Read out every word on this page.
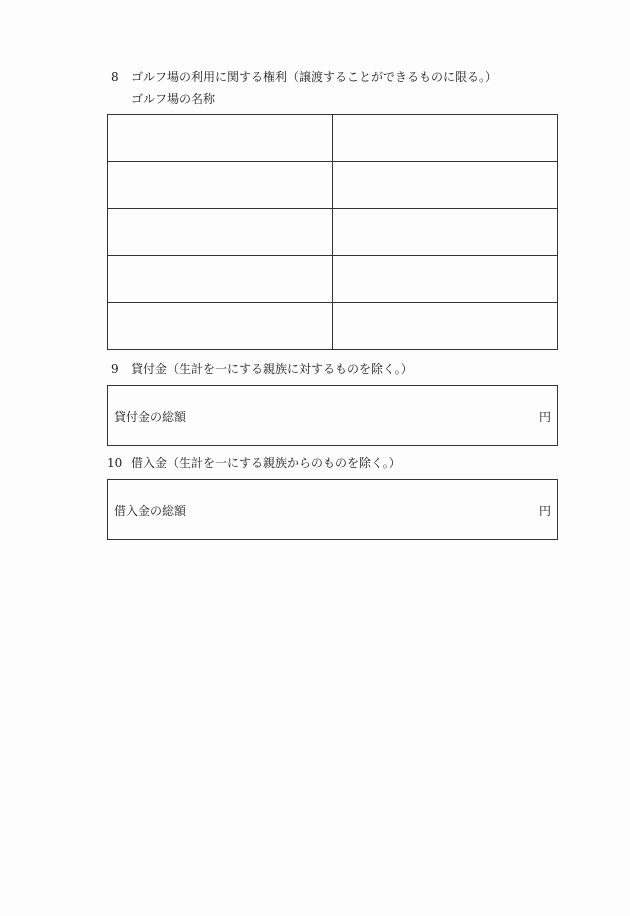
8 ゴルフ場の利用に関する権利（譲渡することができるものに限る。）
ゴルフ場の名称

9 貸付金（生計を一にする親族に対するものを除く。）
貸付金の総額	円
10 借入金（生計を一にする親族からのものを除く。）
借入金の総額	円
